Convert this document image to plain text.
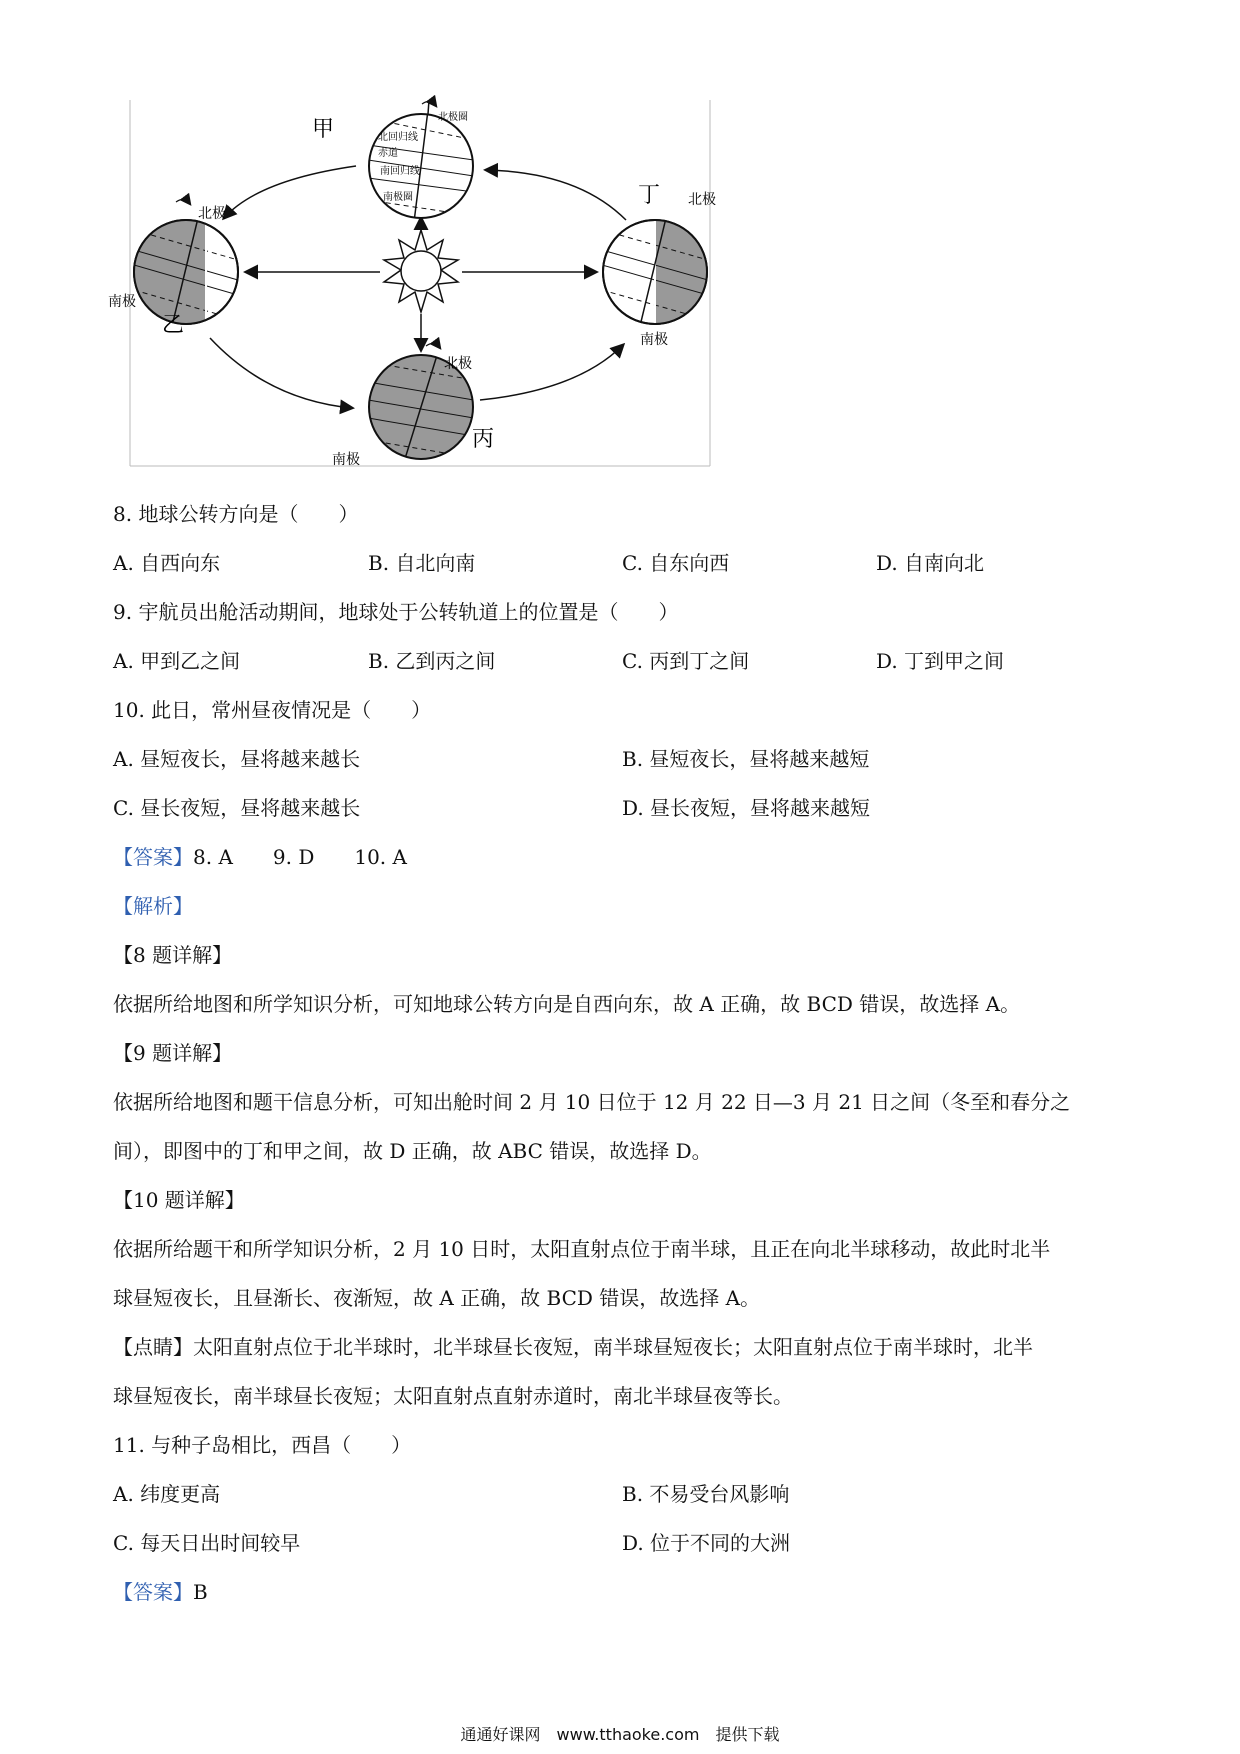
北极圈
北回归线
赤道
南回归线
南极圈
甲
北极
南极
乙
北极
南极
丙
北极
南极
丁
8. 地球公转方向是（　　）
A. 自西向东	B. 自北向南	C. 自东向西	D. 自南向北
9. 宇航员出舱活动期间，地球处于公转轨道上的位置是（　　）
A. 甲到乙之间	B. 乙到丙之间	C. 丙到丁之间	D. 丁到甲之间
10. 此日，常州昼夜情况是（　　）
A. 昼短夜长，昼将越来越长	B. 昼短夜长，昼将越来越短
C. 昼长夜短，昼将越来越长	D. 昼长夜短，昼将越来越短
【答案】8. A　　9. D　　10. A
【解析】
【8 题详解】
依据所给地图和所学知识分析，可知地球公转方向是自西向东，故 A 正确，故 BCD 错误，故选择 A。
【9 题详解】
依据所给地图和题干信息分析，可知出舱时间 2 月 10 日位于 12 月 22 日—3 月 21 日之间（冬至和春分之
间），即图中的丁和甲之间，故 D 正确，故 ABC 错误，故选择 D。
【10 题详解】
依据所给题干和所学知识分析，2 月 10 日时，太阳直射点位于南半球，且正在向北半球移动，故此时北半
球昼短夜长，且昼渐长、夜渐短，故 A 正确，故 BCD 错误，故选择 A。
【点睛】太阳直射点位于北半球时，北半球昼长夜短，南半球昼短夜长；太阳直射点位于南半球时，北半
球昼短夜长，南半球昼长夜短；太阳直射点直射赤道时，南北半球昼夜等长。
11. 与种子岛相比，西昌（　　）
A. 纬度更高	B. 不易受台风影响
C. 每天日出时间较早	D. 位于不同的大洲
【答案】B
通通好课网　www.tthaoke.com　提供下载
